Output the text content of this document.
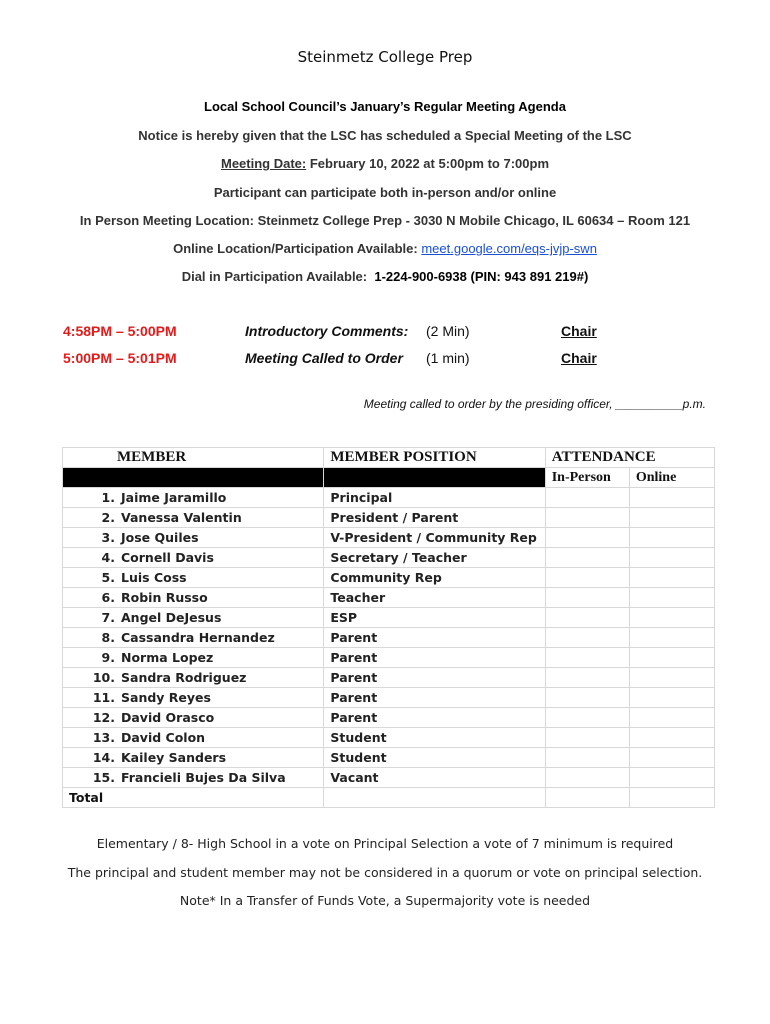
Steinmetz College Prep
Local School Council’s January’s Regular Meeting Agenda
Notice is hereby given that the LSC has scheduled a Special Meeting of the LSC
Meeting Date: February 10, 2022 at 5:00pm to 7:00pm
Participant can participate both in-person and/or online
In Person Meeting Location: Steinmetz College Prep - 3030 N Mobile Chicago, IL 60634 – Room 121
Online Location/Participation Available: meet.google.com/eqs-jvjp-swn
Dial in Participation Available: 1-224-900-6938 (PIN: 943 891 219#)
4:58PM – 5:00PM	Introductory Comments: (2 Min)	Chair
5:00PM – 5:01PM	Meeting Called to Order (1 min)	Chair
Meeting called to order by the presiding officer, __________p.m.
MEMBER	MEMBER POSITION	ATTENDANCE	
		In-Person	Online
1. Jaime Jaramillo	Principal		
2. Vanessa Valentin	President / Parent		
3. Jose Quiles	V-President / Community Rep		
4. Cornell Davis	Secretary / Teacher		
5. Luis Coss	Community Rep		
6. Robin Russo	Teacher		
7. Angel DeJesus	ESP		
8. Cassandra Hernandez	Parent		
9. Norma Lopez	Parent		
10. Sandra Rodriguez	Parent		
11. Sandy Reyes	Parent		
12. David Orasco	Parent		
13. David Colon	Student		
14. Kailey Sanders	Student		
15. Francieli Bujes Da Silva	Vacant		
Total			
Elementary / 8- High School in a vote on Principal Selection a vote of 7 minimum is required
The principal and student member may not be considered in a quorum or vote on principal selection.
Note* In a Transfer of Funds Vote, a Supermajority vote is needed
